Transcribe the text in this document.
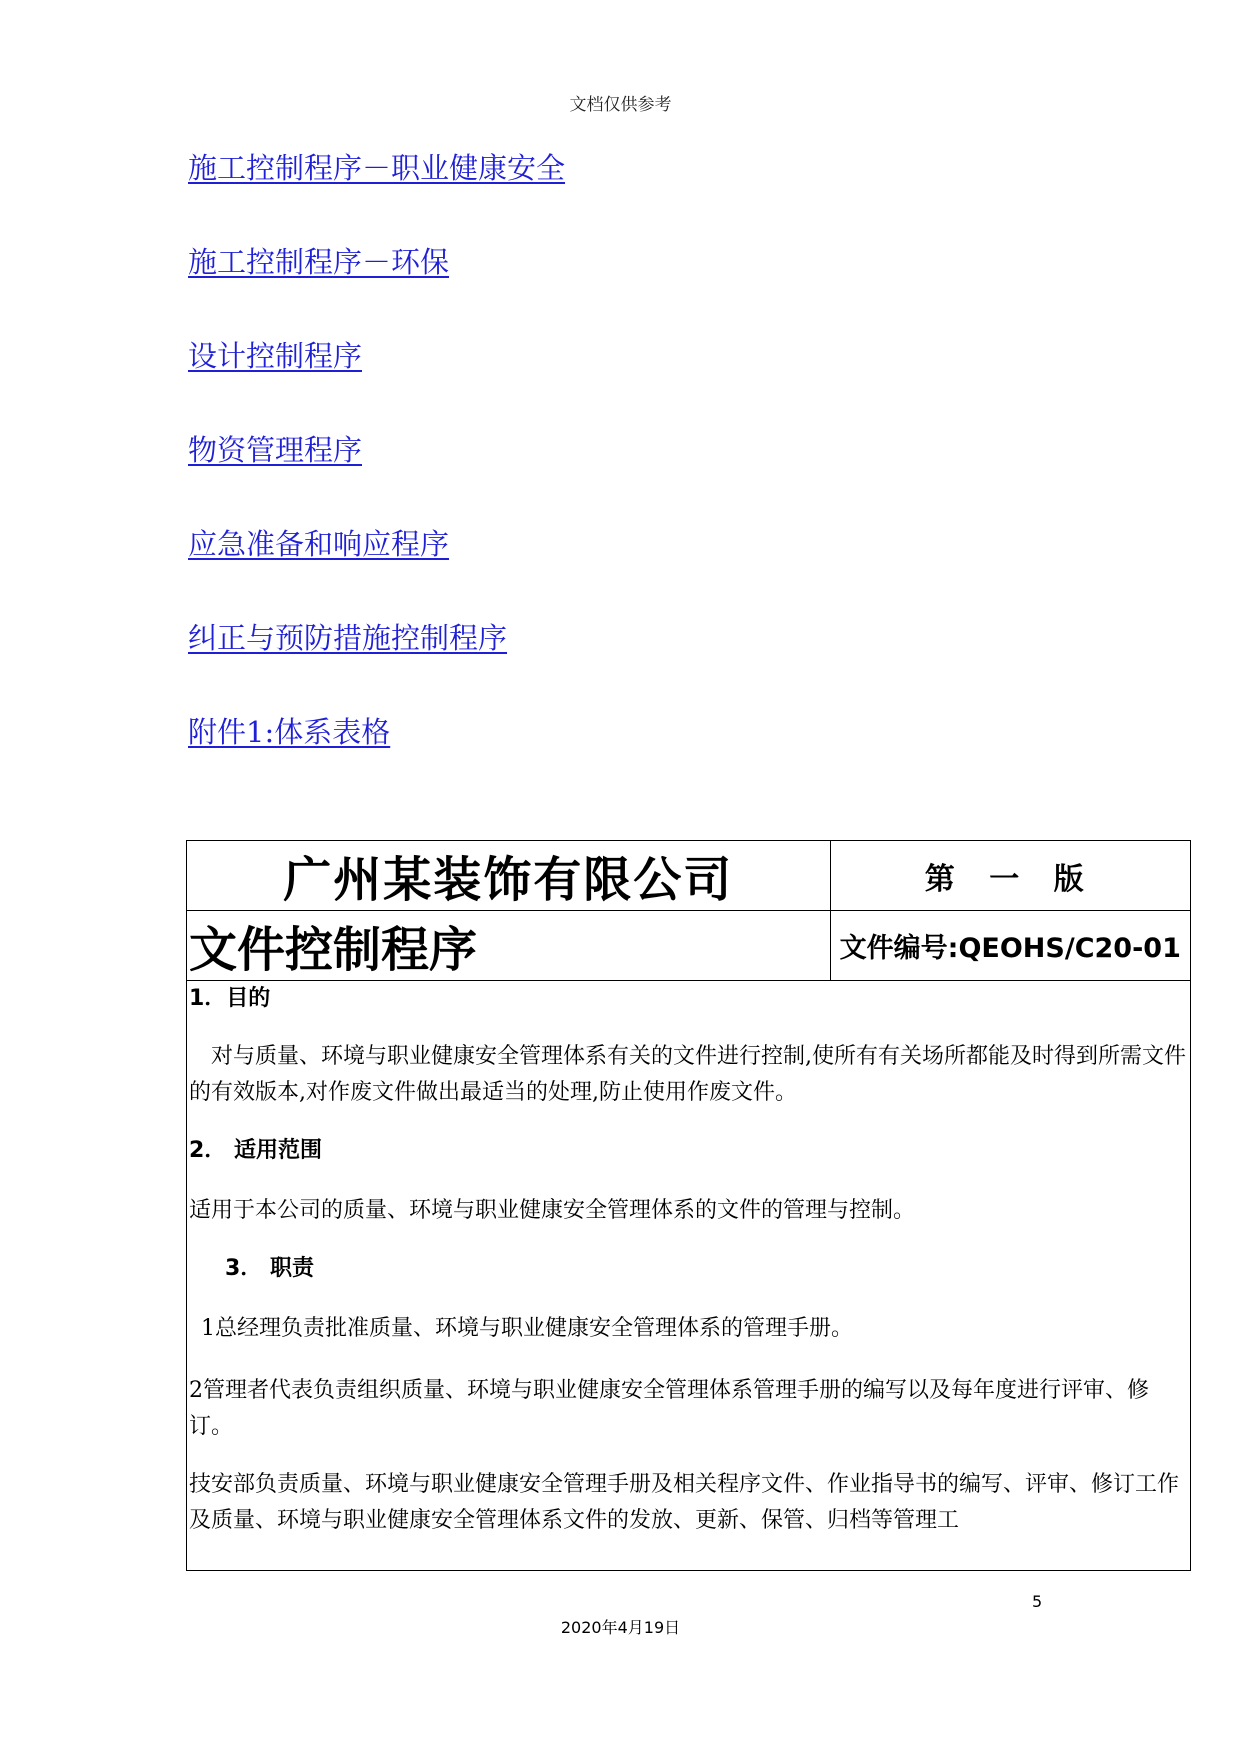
文档仅供参考
施工控制程序－职业健康安全
施工控制程序－环保
设计控制程序
物资管理程序
应急准备和响应程序
纠正与预防措施控制程序
附件1:体系表格
广州某装饰有限公司	第 一 版
文件控制程序	文件编号:QEOHS/C20-01

1．目的

　对与质量、环境与职业健康安全管理体系有关的文件进行控制,使所有有关场所都能及时得到所需文件的有效版本,对作废文件做出最适当的处理,防止使用作废文件。

2． 适用范围

适用于本公司的质量、环境与职业健康安全管理体系的文件的管理与控制。

3． 职责

1总经理负责批准质量、环境与职业健康安全管理体系的管理手册。

2管理者代表负责组织质量、环境与职业健康安全管理体系管理手册的编写以及每年度进行评审、修订。

技安部负责质量、环境与职业健康安全管理手册及相关程序文件、作业指导书的编写、评审、修订工作及质量、环境与职业健康安全管理体系文件的发放、更新、保管、归档等管理工

5
2020年4月19日
